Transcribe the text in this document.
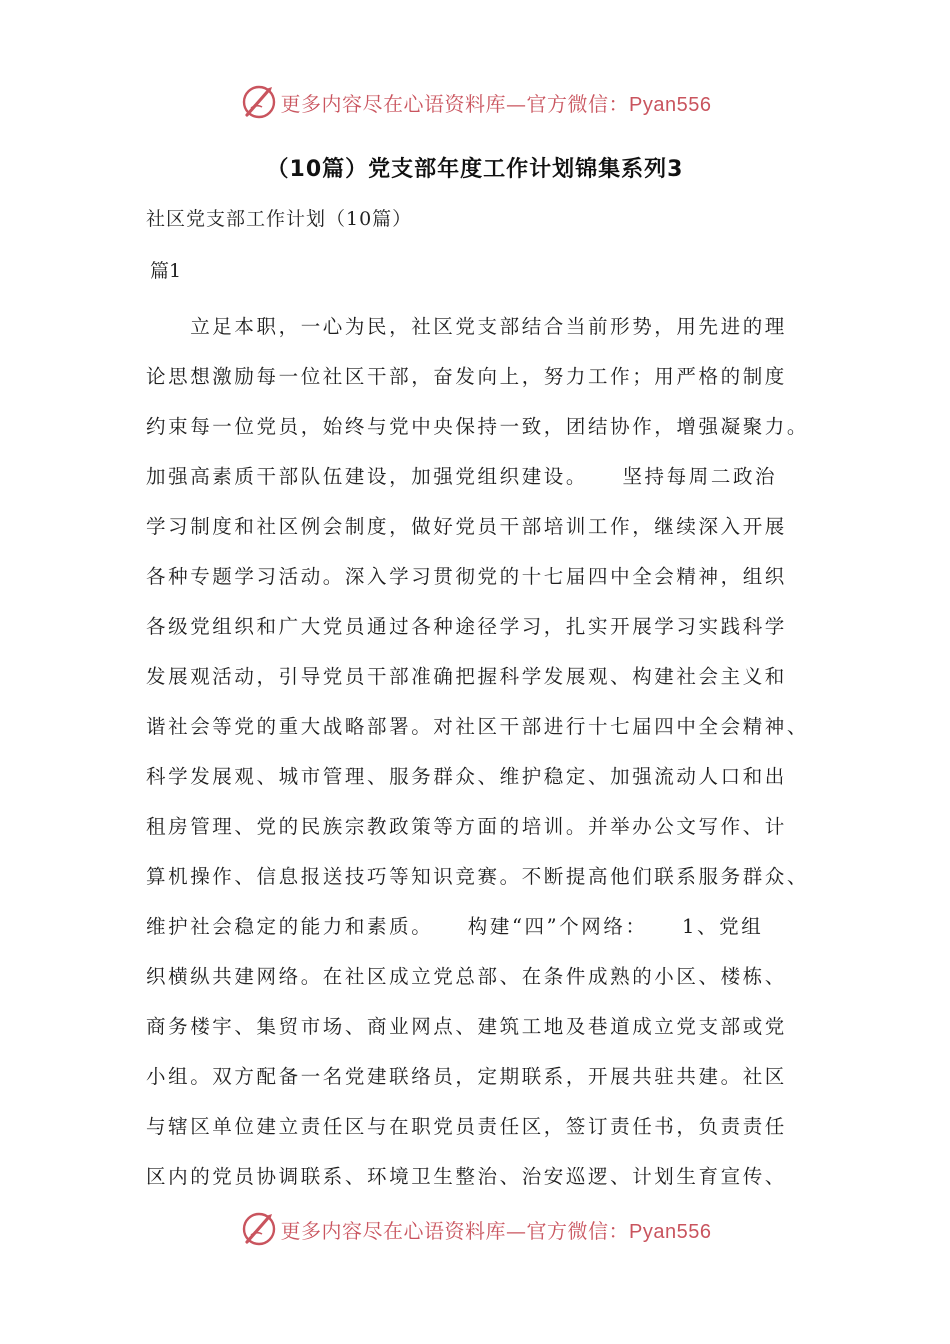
更多内容尽在心语资料库—官方微信：Pyan556
（10篇）党支部年度工作计划锦集系列3
社区党支部工作计划（10篇）
篇1
　　立足本职，一心为民，社区党支部结合当前形势，用先进的理
论思想激励每一位社区干部，奋发向上，努力工作；用严格的制度
约束每一位党员，始终与党中央保持一致，团结协作，增强凝聚力。
加强高素质干部队伍建设，加强党组织建设。　　坚持每周二政治
学习制度和社区例会制度，做好党员干部培训工作，继续深入开展
各种专题学习活动。深入学习贯彻党的十七届四中全会精神，组织
各级党组织和广大党员通过各种途径学习，扎实开展学习实践科学
发展观活动，引导党员干部准确把握科学发展观、构建社会主义和
谐社会等党的重大战略部署。对社区干部进行十七届四中全会精神、
科学发展观、城市管理、服务群众、维护稳定、加强流动人口和出
租房管理、党的民族宗教政策等方面的培训。并举办公文写作、计
算机操作、信息报送技巧等知识竞赛。不断提高他们联系服务群众、
维护社会稳定的能力和素质。　　构建“四”个网络：　　1、党组
织横纵共建网络。在社区成立党总部、在条件成熟的小区、楼栋、
商务楼宇、集贸市场、商业网点、建筑工地及巷道成立党支部或党
小组。双方配备一名党建联络员，定期联系，开展共驻共建。社区
与辖区单位建立责任区与在职党员责任区，签订责任书，负责责任
区内的党员协调联系、环境卫生整治、治安巡逻、计划生育宣传、
更多内容尽在心语资料库—官方微信：Pyan556
